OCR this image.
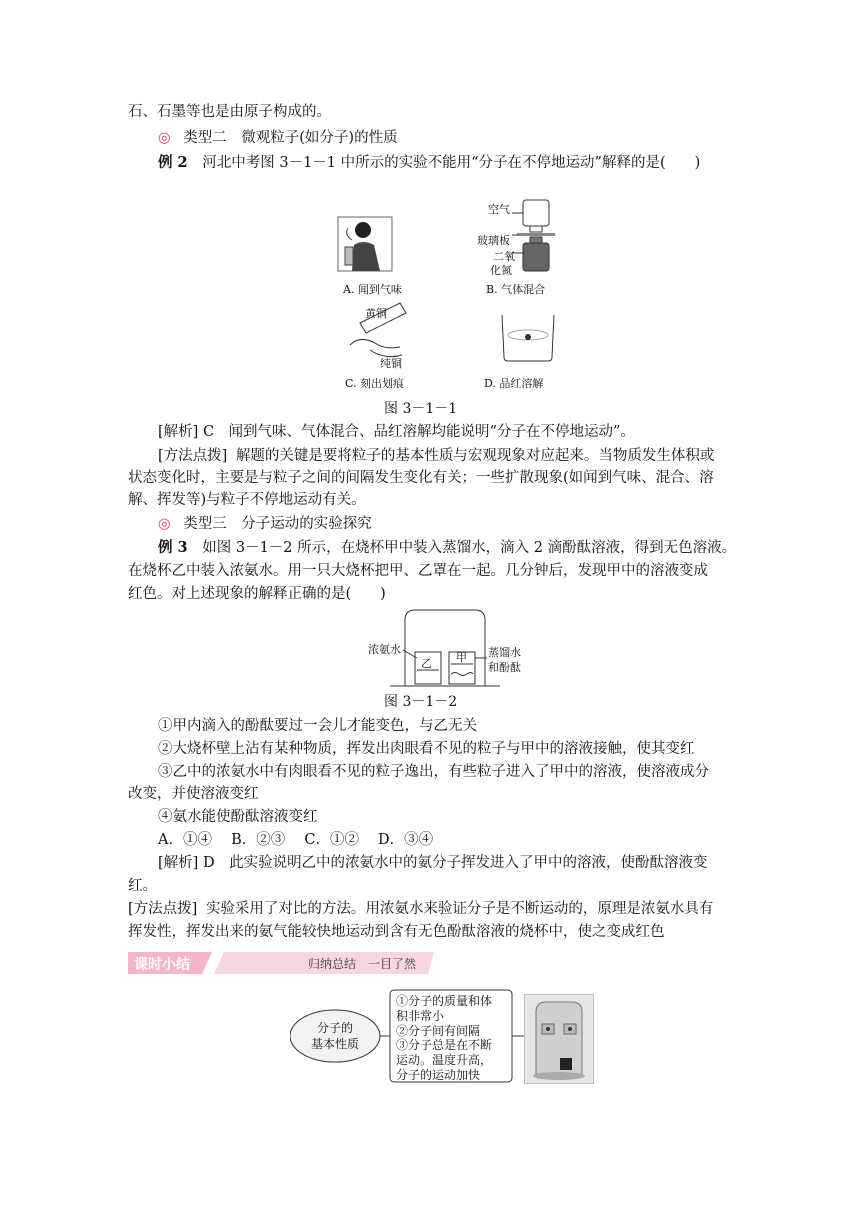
石、石墨等也是由原子构成的。
◎ 类型二　微观粒子(如分子)的性质
例 2 河北中考图 3－1－1 中所示的实验不能用“分子在不停地运动”解释的是(　　)
空气
玻璃板
二氧
化氮
A. 闻到气味	B. 气体混合
黄铜
纯铜
C. 刻出划痕	D. 品红溶解
图 3－1－1
[解析] C　闻到气味、气体混合、品红溶解均能说明“分子在不停地运动”。
[方法点拨] 解题的关键是要将粒子的基本性质与宏观现象对应起来。当物质发生体积或
状态变化时，主要是与粒子之间的间隔发生变化有关；一些扩散现象(如闻到气味、混合、溶
解、挥发等)与粒子不停地运动有关。
◎ 类型三　分子运动的实验探究
例 3 如图 3－1－2 所示，在烧杯甲中装入蒸馏水，滴入 2 滴酚酞溶液，得到无色溶液。
在烧杯乙中装入浓氨水。用一只大烧杯把甲、乙罩在一起。几分钟后，发现甲中的溶液变成
红色。对上述现象的解释正确的是(　　)
浓氨水
乙 甲 蒸馏水
和酚酞
图 3－1－2
①甲内滴入的酚酞要过一会儿才能变色，与乙无关
②大烧杯壁上沾有某种物质，挥发出肉眼看不见的粒子与甲中的溶液接触，使其变红
③乙中的浓氨水中有肉眼看不见的粒子逸出，有些粒子进入了甲中的溶液，使溶液成分
改变，并使溶液变红
④氨水能使酚酞溶液变红
A．①④　 B．②③　 C．①②　 D．③④
[解析] D　此实验说明乙中的浓氨水中的氨分子挥发进入了甲中的溶液，使酚酞溶液变
红。
[方法点拨] 实验采用了对比的方法。用浓氨水来验证分子是不断运动的，原理是浓氨水具有
挥发性，挥发出来的氨气能较快地运动到含有无色酚酞溶液的烧杯中，使之变成红色
课时小结	归纳总结　一目了然
分子的
基本性质
①分子的质量和体
积非常小
②分子间有间隔
③分子总是在不断
运动。温度升高，
分子的运动加快
